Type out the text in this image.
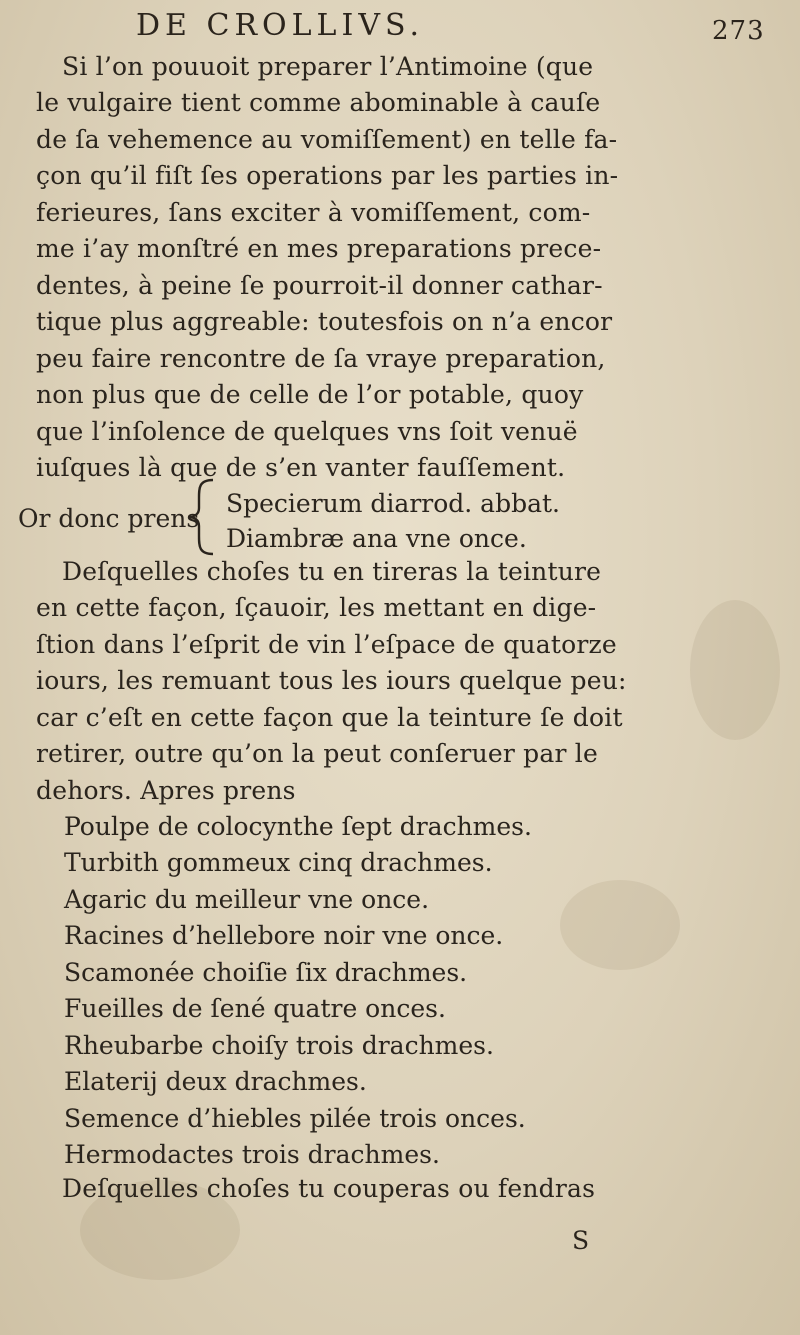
DE CROLLIVS.	273
Si l’on pouuoit preparer l’Antimoine (que
le vulgaire tient comme abominable à cauſe
de ſa vehemence au vomiſſement) en telle fa-
çon qu’il fiſt ſes operations par les parties in-
ferieures, ſans exciter à vomiſſement, com-
me i’ay monſtré en mes preparations prece-
dentes, à peine ſe pourroit-il donner cathar-
tique plus aggreable: toutesfois on n’a encor
peu faire rencontre de ſa vraye preparation,
non plus que de celle de l’or potable, quoy
que l’inſolence de quelques vns ſoit venuë
iuſques là que de s’en vanter fauſſement.
Or donc prens
Specierum diarrod. abbat.
Diambræ ana vne once.
Deſquelles choſes tu en tireras la teinture
en cette façon, ſçauoir, les mettant en dige-
ſtion dans l’eſprit de vin l’eſpace de quatorze
iours, les remuant tous les iours quelque peu:
car c’eſt en cette façon que la teinture ſe doit
retirer, outre qu’on la peut conſeruer par le
dehors. Apres prens
Poulpe de colocynthe ſept drachmes.
Turbith gommeux cinq drachmes.
Agaric du meilleur vne once.
Racines d’hellebore noir vne once.
Scamonée choiſie ſix drachmes.
Fueilles de ſené quatre onces.
Rheubarbe choiſy trois drachmes.
Elaterij deux drachmes.
Semence d’hiebles pilée trois onces.
Hermodactes trois drachmes.
Deſquelles choſes tu couperas ou fendras
S
